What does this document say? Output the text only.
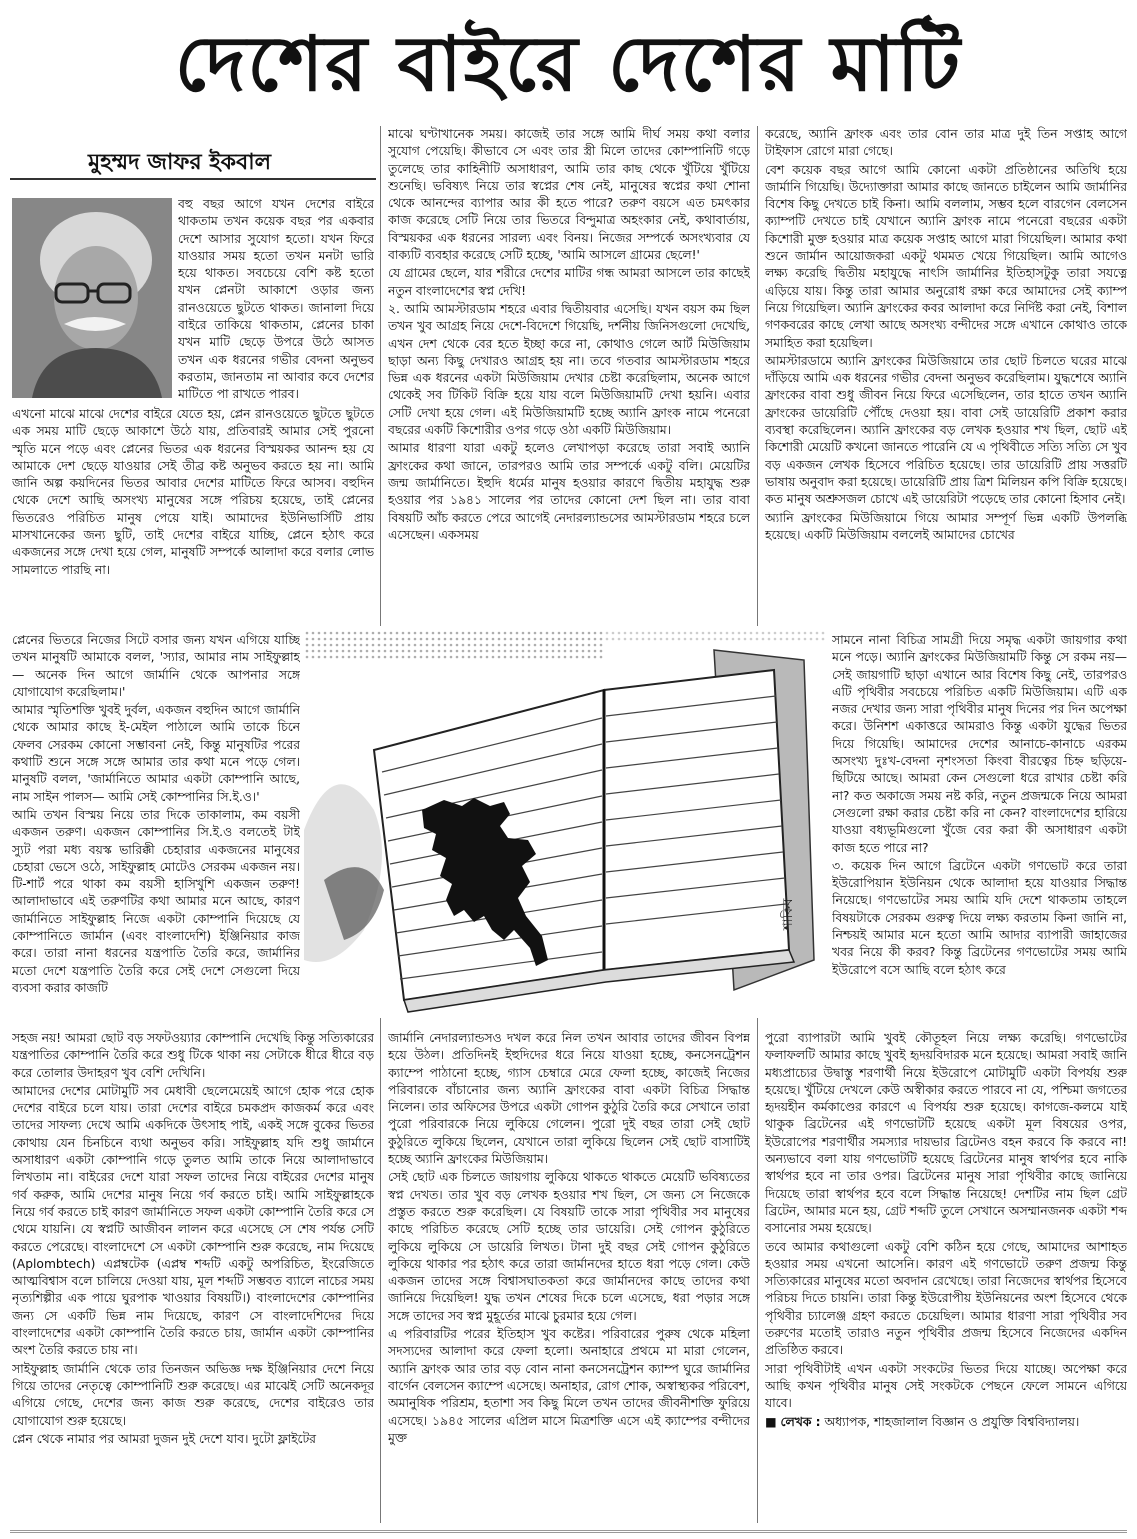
দেশের বাইরে দেশের মাটি
মুহম্মদ জাফর ইকবাল

বহু বছর আগে যখন দেশের বাইরে থাকতাম তখন কয়েক বছর পর একবার দেশে আসার সুযোগ হতো। যখন ফিরে যাওয়ার সময় হতো তখন মনটা ভারি হয়ে থাকত। সবচেয়ে বেশি কষ্ট হতো যখন প্লেনটা আকাশে ওড়ার জন্য রানওয়েতে ছুটতে থাকত। জানালা দিয়ে বাইরে তাকিয়ে থাকতাম, প্লেনের চাকা যখন মাটি ছেড়ে উপরে উঠে আসত তখন এক ধরনের গভীর বেদনা অনুভব করতাম, জানতাম না আবার কবে দেশের মাটিতে পা রাখতে পারব।

এখনো মাঝে মাঝে দেশের বাইরে যেতে হয়, প্লেন রানওয়েতে ছুটতে ছুটতে এক সময় মাটি ছেড়ে আকাশে উঠে যায়, প্রতিবারই আমার সেই পুরনো স্মৃতি মনে পড়ে এবং প্লেনের ভিতর এক ধরনের বিস্ময়কর আনন্দ হয় যে আমাকে দেশ ছেড়ে যাওয়ার সেই তীব্র কষ্ট অনুভব করতে হয় না। আমি জানি অল্প কয়দিনের ভিতর আবার দেশের মাটিতে ফিরে আসব। বহুদিন থেকে দেশে আছি অসংখ্য মানুষের সঙ্গে পরিচয় হয়েছে, তাই প্লেনের ভিতরেও পরিচিত মানুষ পেয়ে যাই। আমাদের ইউনিভার্সিটি প্রায় মাসখানেকের জন্য ছুটি, তাই দেশের বাইরে যাচ্ছি, প্লেনে হঠাৎ করে একজনের সঙ্গে দেখা হয়ে গেল, মানুষটি সম্পর্কে আলাদা করে বলার লোভ সামলাতে পারছি না।

প্লেনের ভিতরে নিজের সিটে বসার জন্য যখন এগিয়ে যাচ্ছি তখন মানুষটি আমাকে বলল, 'স্যার, আমার নাম সাইফুল্লাহ— অনেক দিন আগে জার্মানি থেকে আপনার সঙ্গে যোগাযোগ করেছিলাম।'

আমার স্মৃতিশক্তি খুবই দুর্বল, একজন বহুদিন আগে জার্মানি থেকে আমার কাছে ই-মেইল পাঠালে আমি তাকে চিনে ফেলব সেরকম কোনো সম্ভাবনা নেই, কিন্তু মানুষটির পরের কথাটি শুনে সঙ্গে সঙ্গে আমার তার কথা মনে পড়ে গেল। মানুষটি বলল, 'জার্মানিতে আমার একটা কোম্পানি আছে, নাম সাইন পালস— আমি সেই কোম্পানির সি.ই.ও।'

আমি তখন বিস্ময় নিয়ে তার দিকে তাকালাম, কম বয়সী একজন তরুণ। একজন কোম্পানির সি.ই.ও বলতেই টাই স্যুট পরা মধ্য বয়স্ক ভারিক্কী চেহারার একজনের মানুষের চেহারা ভেসে ওঠে, সাইফুল্লাহ মোটেও সেরকম একজন নয়। টি-শার্ট পরে থাকা কম বয়সী হাসিখুশি একজন তরুণ! আলাদাভাবে এই তরুণটির কথা আমার মনে আছে, কারণ জার্মানিতে সাইফুল্লাহ নিজে একটা কোম্পানি দিয়েছে যে কোম্পানিতে জার্মান (এবং বাংলাদেশি) ইঞ্জিনিয়ার কাজ করে। তারা নানা ধরনের যন্ত্রপাতি তৈরি করে, জার্মানির মতো দেশে যন্ত্রপাতি তৈরি করে সেই দেশে সেগুলো দিয়ে ব্যবসা করার কাজটি

সহজ নয়! আমরা ছোট বড় সফটওয়্যার কোম্পানি দেখেছি কিন্তু সত্যিকারের যন্ত্রপাতির কোম্পানি তৈরি করে শুধু টিকে থাকা নয় সেটাকে ধীরে ধীরে বড় করে তোলার উদাহরণ খুব বেশি দেখিনি।

আমাদের দেশের মোটামুটি সব মেধাবী ছেলেমেয়েই আগে হোক পরে হোক দেশের বাইরে চলে যায়। তারা দেশের বাইরে চমকপ্রদ কাজকর্ম করে এবং তাদের সাফল্য দেখে আমি একদিকে উৎসাহ পাই, একই সঙ্গে বুকের ভিতর কোথায় যেন চিনচিনে ব্যথা অনুভব করি। সাইফুল্লাহ যদি শুধু জার্মানে অসাধারণ একটা কোম্পানি গড়ে তুলত আমি তাকে নিয়ে আলাদাভাবে লিখতাম না। বাইরের দেশে যারা সফল তাদের নিয়ে বাইরের দেশের মানুষ গর্ব করুক, আমি দেশের মানুষ নিয়ে গর্ব করতে চাই। আমি সাইফুল্লাহকে নিয়ে গর্ব করতে চাই কারণ জার্মানিতে সফল একটা কোম্পানি তৈরি করে সে থেমে যায়নি। যে স্বপ্নটি আজীবন লালন করে এসেছে সে শেষ পর্যন্ত সেটি করতে পেরেছে। বাংলাদেশে সে একটা কোম্পানি শুরু করেছে, নাম দিয়েছে (Aplombtech) এপ্লম্বটেক (এপ্লম্ব শব্দটি একটু অপরিচিত, ইংরেজিতে আত্মবিশ্বাস বলে চালিয়ে দেওয়া যায়, মূল শব্দটি সম্ভবত ব্যালে নাচের সময় নৃত্যশিল্পীর এক পায়ে ঘুরপাক খাওয়ার বিষয়টি।) বাংলাদেশের কোম্পানির জন্য সে একটি ভিন্ন নাম দিয়েছে, কারণ সে বাংলাদেশিদের দিয়ে বাংলাদেশের একটা কোম্পানি তৈরি করতে চায়, জার্মান একটা কোম্পানির অংশ তৈরি করতে চায় না।

সাইফুল্লাহ জার্মানি থেকে তার তিনজন অভিজ্ঞ দক্ষ ইঞ্জিনিয়ার দেশে নিয়ে গিয়ে তাদের নেতৃত্বে কোম্পানিটি শুরু করেছে। এর মাঝেই সেটি অনেকদূর এগিয়ে গেছে, দেশের জন্য কাজ শুরু করেছে, দেশের বাইরেও তার যোগাযোগ শুরু হয়েছে।

প্লেন থেকে নামার পর আমরা দুজন দুই দেশে যাব। দুটো ফ্লাইটের

মাঝে ঘণ্টাখানেক সময়। কাজেই তার সঙ্গে আমি দীর্ঘ সময় কথা বলার সুযোগ পেয়েছি। কীভাবে সে এবং তার স্ত্রী মিলে তাদের কোম্পানিটি গড়ে তুলেছে তার কাহিনীটি অসাধারণ, আমি তার কাছ থেকে খুঁটিয়ে খুঁটিয়ে শুনেছি। ভবিষ্যৎ নিয়ে তার স্বপ্নের শেষ নেই, মানুষের স্বপ্নের কথা শোনা থেকে আনন্দের ব্যাপার আর কী হতে পারে? তরুণ বয়সে এত চমৎকার কাজ করেছে সেটি নিয়ে তার ভিতরে বিন্দুমাত্র অহংকার নেই, কথাবার্তায়, বিস্ময়কর এক ধরনের সারল্য এবং বিনয়। নিজের সম্পর্কে অসংখ্যবার যে বাক্যটি ব্যবহার করেছে সেটি হচ্ছে, 'আমি আসলে গ্রামের ছেলে!'

যে গ্রামের ছেলে, যার শরীরে দেশের মাটির গন্ধ আমরা আসলে তার কাছেই নতুন বাংলাদেশের স্বপ্ন দেখি!

২. আমি আমস্টারডাম শহরে এবার দ্বিতীয়বার এসেছি। যখন বয়স কম ছিল তখন খুব আগ্রহ নিয়ে দেশে-বিদেশে গিয়েছি, দর্শনীয় জিনিসগুলো দেখেছি, এখন দেশ থেকে বের হতে ইচ্ছা করে না, কোথাও গেলে আর্ট মিউজিয়াম ছাড়া অন্য কিছু দেখারও আগ্রহ হয় না। তবে গতবার আমস্টারডাম শহরে ভিন্ন এক ধরনের একটা মিউজিয়াম দেখার চেষ্টা করেছিলাম, অনেক আগে থেকেই সব টিকিট বিক্রি হয়ে যায় বলে মিউজিয়ামটি দেখা হয়নি। এবার সেটি দেখা হয়ে গেল। এই মিউজিয়ামটি হচ্ছে অ্যানি ফ্রাংক নামে পনেরো বছরের একটি কিশোরীর ওপর গড়ে ওঠা একটি মিউজিয়াম।

আমার ধারণা যারা একটু হলেও লেখাপড়া করেছে তারা সবাই অ্যানি ফ্রাংকের কথা জানে, তারপরও আমি তার সম্পর্কে একটু বলি। মেয়েটির জন্ম জার্মানিতে। ইহুদি ধর্মের মানুষ হওয়ার কারণে দ্বিতীয় মহাযুদ্ধ শুরু হওয়ার পর ১৯৪১ সালের পর তাদের কোনো দেশ ছিল না। তার বাবা বিষয়টি আঁচ করতে পেরে আগেই নেদারল্যান্ডসের আমস্টারডাম শহরে চলে এসেছেন। একসময়

জার্মানি নেদারল্যান্ডসও দখল করে নিল তখন আবার তাদের জীবন বিপন্ন হয়ে উঠল। প্রতিদিনই ইহুদিদের ধরে নিয়ে যাওয়া হচ্ছে, কনসেনট্রেশন ক্যাম্পে পাঠানো হচ্ছে, গ্যাস চেম্বারে মেরে ফেলা হচ্ছে, কাজেই নিজের পরিবারকে বাঁচানোর জন্য অ্যানি ফ্রাংকের বাবা একটা বিচিত্র সিদ্ধান্ত নিলেন। তার অফিসের উপরে একটা গোপন কুঠুরি তৈরি করে সেখানে তারা পুরো পরিবারকে নিয়ে লুকিয়ে গেলেন। পুরো দুই বছর তারা সেই ছোট কুঠুরিতে লুকিয়ে ছিলেন, যেখানে তারা লুকিয়ে ছিলেন সেই ছোট বাসাটিই হচ্ছে অ্যানি ফ্রাংকের মিউজিয়াম।

সেই ছোট এক চিলতে জায়গায় লুকিয়ে থাকতে থাকতে মেয়েটি ভবিষ্যতের স্বপ্ন দেখত। তার খুব বড় লেখক হওয়ার শখ ছিল, সে জন্য সে নিজেকে প্রস্তুত করতে শুরু করেছিল। যে বিষয়টি তাকে সারা পৃথিবীর সব মানুষের কাছে পরিচিত করেছে সেটি হচ্ছে তার ডায়েরি। সেই গোপন কুঠুরিতে লুকিয়ে লুকিয়ে সে ডায়েরি লিখত। টানা দুই বছর সেই গোপন কুঠুরিতে লুকিয়ে থাকার পর হঠাৎ করে তারা জার্মানদের হাতে ধরা পড়ে গেল। কেউ একজন তাদের সঙ্গে বিশ্বাসঘাতকতা করে জার্মানদের কাছে তাদের কথা জানিয়ে দিয়েছিল! যুদ্ধ তখন শেষের দিকে চলে এসেছে, ধরা পড়ার সঙ্গে সঙ্গে তাদের সব স্বপ্ন মুহূর্তের মাঝে চুরমার হয়ে গেল।

এ পরিবারটির পরের ইতিহাস খুব কষ্টের। পরিবারের পুরুষ থেকে মহিলা সদস্যদের আলাদা করে ফেলা হলো। অনাহারে প্রথমে মা মারা গেলেন, অ্যানি ফ্রাংক আর তার বড় বোন নানা কনসেনট্রেশন ক্যাম্প ঘুরে জার্মানির বার্গেন বেলসেন ক্যাম্পে এসেছে। অনাহার, রোগ শোক, অস্বাস্থ্যকর পরিবেশ, অমানুষিক পরিশ্রম, হতাশা সব কিছু মিলে তখন তাদের জীবনীশক্তি ফুরিয়ে এসেছে। ১৯৪৫ সালের এপ্রিল মাসে মিত্রশক্তি এসে এই ক্যাম্পের বন্দীদের মুক্ত

করেছে, অ্যানি ফ্রাংক এবং তার বোন তার মাত্র দুই তিন সপ্তাহ আগে টাইফাস রোগে মারা গেছে।

বেশ কয়েক বছর আগে আমি কোনো একটা প্রতিষ্ঠানের অতিথি হয়ে জার্মানি গিয়েছি। উদ্যোক্তারা আমার কাছে জানতে চাইলেন আমি জার্মানির বিশেষ কিছু দেখতে চাই কিনা। আমি বললাম, সম্ভব হলে বারগেন বেলসেন ক্যাম্পটি দেখতে চাই যেখানে অ্যানি ফ্রাংক নামে পনেরো বছরের একটা কিশোরী মুক্ত হওয়ার মাত্র কয়েক সপ্তাহ আগে মারা গিয়েছিল। আমার কথা শুনে জার্মান আয়োজকরা একটু থমমত খেয়ে গিয়েছিল। আমি আগেও লক্ষ্য করেছি দ্বিতীয় মহাযুদ্ধে নাৎসি জার্মানির ইতিহাসটুকু তারা সযত্নে এড়িয়ে যায়। কিন্তু তারা আমার অনুরোধ রক্ষা করে আমাদের সেই ক্যাম্প নিয়ে গিয়েছিল। অ্যানি ফ্রাংকের কবর আলাদা করে নির্দিষ্ট করা নেই, বিশাল গণকবরের কাছে লেখা আছে অসংখ্য বন্দীদের সঙ্গে এখানে কোথাও তাকে সমাহিত করা হয়েছিল।

আমস্টারডামে অ্যানি ফ্রাংকের মিউজিয়ামে তার ছোট চিলতে ঘরের মাঝে দাঁড়িয়ে আমি এক ধরনের গভীর বেদনা অনুভব করেছিলাম। যুদ্ধশেষে অ্যানি ফ্রাংকের বাবা শুধু জীবন নিয়ে ফিরে এসেছিলেন, তার হাতে তখন অ্যানি ফ্রাংকের ডায়েরিটি পৌঁছে দেওয়া হয়। বাবা সেই ডায়েরিটি প্রকাশ করার ব্যবস্থা করেছিলেন। অ্যানি ফ্রাংকের বড় লেখক হওয়ার শখ ছিল, ছোট এই কিশোরী মেয়েটি কখনো জানতে পারেনি যে এ পৃথিবীতে সত্যি সত্যি সে খুব বড় একজন লেখক হিসেবে পরিচিত হয়েছে। তার ডায়েরিটি প্রায় সত্তরটি ভাষায় অনুবাদ করা হয়েছে। ডায়েরিটি প্রায় ত্রিশ মিলিয়ন কপি বিক্রি হয়েছে। কত মানুষ অশ্রুসজল চোখে এই ডায়েরিটা পড়েছে তার কোনো হিসাব নেই।

অ্যানি ফ্রাংকের মিউজিয়ামে গিয়ে আমার সম্পূর্ণ ভিন্ন একটি উপলব্ধি হয়েছে। একটি মিউজিয়াম বললেই আমাদের চোখের

সামনে নানা বিচিত্র সামগ্রী দিয়ে সমৃদ্ধ একটা জায়গার কথা মনে পড়ে। অ্যানি ফ্রাংকের মিউজিয়ামটি কিন্তু সে রকম নয়— সেই জায়গাটি ছাড়া এখানে আর বিশেষ কিছু নেই, তারপরও এটি পৃথিবীর সবচেয়ে পরিচিত একটি মিউজিয়াম। এটি এক নজর দেখার জন্য সারা পৃথিবীর মানুষ দিনের পর দিন অপেক্ষা করে। উনিশশ একাত্তরে আমরাও কিন্তু একটা যুদ্ধের ভিতর দিয়ে গিয়েছি। আমাদের দেশের আনাচে-কানাচে এরকম অসংখ্য দুঃখ-বেদনা নৃশংসতা কিংবা বীরত্বের চিহ্ন ছড়িয়ে-ছিটিয়ে আছে। আমরা কেন সেগুলো ধরে রাখার চেষ্টা করি না? কত অকাজে সময় নষ্ট করি, নতুন প্রজন্মকে নিয়ে আমরা সেগুলো রক্ষা করার চেষ্টা করি না কেন? বাংলাদেশের হারিয়ে যাওয়া বধ্যভূমিগুলো খুঁজে বের করা কী অসাধারণ একটা কাজ হতে পারে না?

৩. কয়েক দিন আগে ব্রিটেনে একটা গণভোট করে তারা ইউরোপিয়ান ইউনিয়ন থেকে আলাদা হয়ে যাওয়ার সিদ্ধান্ত নিয়েছে। গণভোটের সময় আমি যদি দেশে থাকতাম তাহলে বিষয়টাকে সেরকম গুরুত্ব দিয়ে লক্ষ্য করতাম কিনা জানি না, নিশ্চয়ই আমার মনে হতো আমি আদার ব্যাপারী জাহাজের খবর নিয়ে কী করব? কিন্তু ব্রিটেনের গণভোটের সময় আমি ইউরোপে বসে আছি বলে হঠাৎ করে

পুরো ব্যাপারটা আমি খুবই কৌতূহল নিয়ে লক্ষ্য করেছি। গণভোটের ফলাফলটি আমার কাছে খুবই হৃদয়বিদারক মনে হয়েছে। আমরা সবাই জানি মধ্যপ্রাচ্যের উদ্বাস্তু শরণার্থী নিয়ে ইউরোপে মোটামুটি একটা বিপর্যয় শুরু হয়েছে। খুঁটিয়ে দেখলে কেউ অস্বীকার করতে পারবে না যে, পশ্চিমা জগতের হৃদয়হীন কর্মকাণ্ডের কারণে এ বিপর্যয় শুরু হয়েছে। কাগজে-কলমে যাই থাকুক ব্রিটেনের এই গণভোটটি হয়েছে একটা মূল বিষয়ের ওপর, ইউরোপের শরণার্থীর সমস্যার দায়ভার ব্রিটেনও বহন করবে কি করবে না! অন্যভাবে বলা যায় গণভোটটি হয়েছে ব্রিটেনের মানুষ স্বার্থপর হবে নাকি স্বার্থপর হবে না তার ওপর। ব্রিটেনের মানুষ সারা পৃথিবীর কাছে জানিয়ে দিয়েছে তারা স্বার্থপর হবে বলে সিদ্ধান্ত নিয়েছে! দেশটির নাম ছিল গ্রেট ব্রিটেন, আমার মনে হয়, গ্রেট শব্দটি তুলে সেখানে অসম্মানজনক একটা শব্দ বসানোর সময় হয়েছে।

তবে আমার কথাগুলো একটু বেশি কঠিন হয়ে গেছে, আমাদের আশাহত হওয়ার সময় এখনো আসেনি। কারণ এই গণভোটে তরুণ প্রজন্ম কিন্তু সত্যিকারের মানুষের মতো অবদান রেখেছে। তারা নিজেদের স্বার্থপর হিসেবে পরিচয় দিতে চায়নি। তারা কিন্তু ইউরোপীয় ইউনিয়নের অংশ হিসেবে থেকে পৃথিবীর চ্যালেঞ্জ গ্রহণ করতে চেয়েছিল। আমার ধারণা সারা পৃথিবীর সব তরুণের মতোই তারাও নতুন পৃথিবীর প্রজন্ম হিসেবে নিজেদের একদিন প্রতিষ্ঠিত করবে।

সারা পৃথিবীটাই এখন একটা সংকটের ভিতর দিয়ে যাচ্ছে। অপেক্ষা করে আছি কখন পৃথিবীর মানুষ সেই সংকটকে পেছনে ফেলে সামনে এগিয়ে যাবে।

■ লেখক : অধ্যাপক, শাহজালাল বিজ্ঞান ও প্রযুক্তি বিশ্ববিদ্যালয়।

শাকিব
